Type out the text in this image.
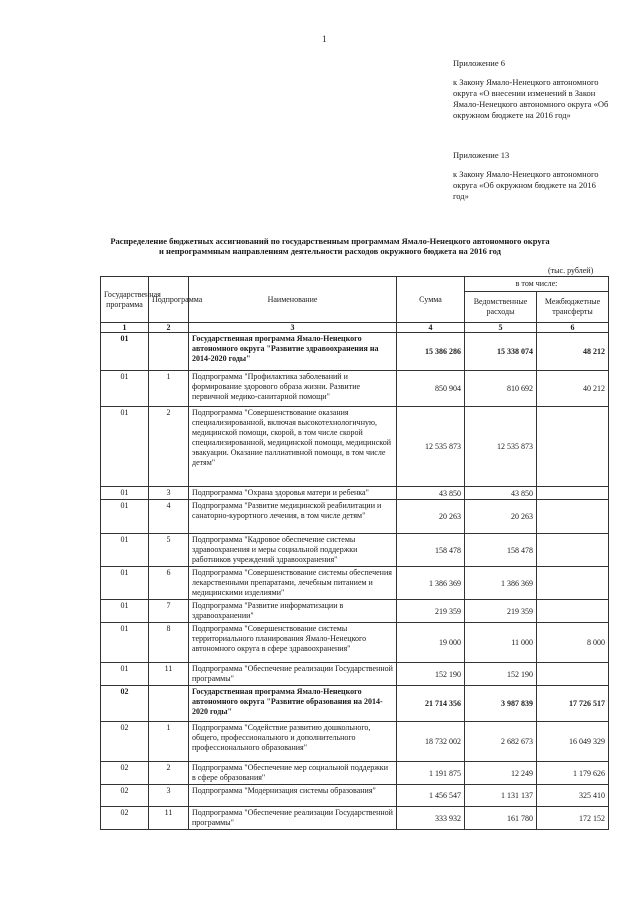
1
Приложение 6
к Закону Ямало-Ненецкого автономного округа «О внесении изменений в Закон Ямало-Ненецкого автономного округа «Об окружном бюджете на 2016 год»
Приложение 13
к Закону Ямало-Ненецкого автономного округа «Об окружном бюджете на 2016 год»
Распределение бюджетных ассигнований по государственным программам Ямало-Ненецкого автономного округа и непрограммным направлениям деятельности расходов окружного бюджета на 2016 год
(тыс. рублей)
Государственная программа	Подпрограмма	Наименование	Сумма	в том числе:	
				Ведомственные расходы	Межбюджетные трансферты
1	2	3	4	5	6
01		Государственная программа Ямало-Ненецкого автономного округа "Развитие здравоохранения на 2014-2020 годы"	15 386 286	15 338 074	48 212
01	1	Подпрограмма "Профилактика заболеваний и формирование здорового образа жизни. Развитие первичной медико-санитарной помощи"	850 904	810 692	40 212
01	2	Подпрограмма "Совершенствование оказания специализированной, включая высокотехнологичную, медицинской помощи, скорой, в том числе скорой специализированной, медицинской помощи, медицинской эвакуации. Оказание паллиативной помощи, в том числе детям"	12 535 873	12 535 873	
01	3	Подпрограмма "Охрана здоровья матери и ребенка"	43 850	43 850	
01	4	Подпрограмма "Развитие медицинской реабилитации и санаторно-курортного лечения, в том числе детям"	20 263	20 263	
01	5	Подпрограмма "Кадровое обеспечение системы здравоохранения и меры социальной поддержки работников учреждений здравоохранения"	158 478	158 478	
01	6	Подпрограмма "Совершенствование системы обеспечения лекарственными препаратами, лечебным питанием и медицинскими изделиями"	1 386 369	1 386 369	
01	7	Подпрограмма "Развитие информатизации в здравоохранении"	219 359	219 359	
01	8	Подпрограмма "Совершенствование системы территориального планирования Ямало-Ненецкого автономного округа в сфере здравоохранения"	19 000	11 000	8 000
01	11	Подпрограмма "Обеспечение реализации Государственной программы"	152 190	152 190	
02		Государственная программа Ямало-Ненецкого автономного округа "Развитие образования на 2014-2020 годы"	21 714 356	3 987 839	17 726 517
02	1	Подпрограмма "Содействие развитию дошкольного, общего, профессионального и дополнительного профессионального образования"	18 732 002	2 682 673	16 049 329
02	2	Подпрограмма "Обеспечение мер социальной поддержки в сфере образования"	1 191 875	12 249	1 179 626
02	3	Подпрограмма "Модернизация системы образования"	1 456 547	1 131 137	325 410
02	11	Подпрограмма "Обеспечение реализации Государственной программы"	333 932	161 780	172 152
